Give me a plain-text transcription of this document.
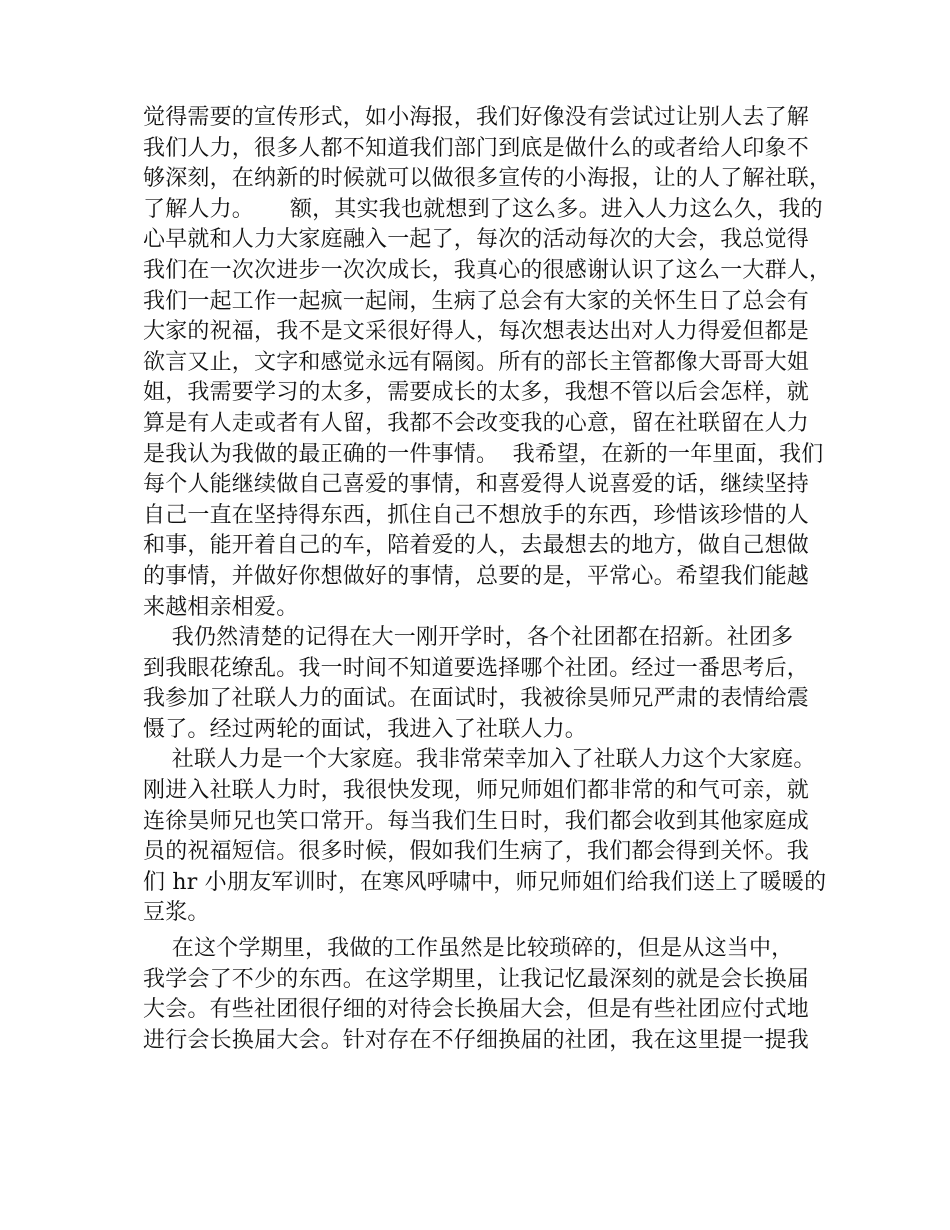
觉得需要的宣传形式，如小海报，我们好像没有尝试过让别人去了解
我们人力，很多人都不知道我们部门到底是做什么的或者给人印象不
够深刻，在纳新的时候就可以做很多宣传的小海报，让的人了解社联，
了解人力。     额，其实我也就想到了这么多。进入人力这么久，我的
心早就和人力大家庭融入一起了，每次的活动每次的大会，我总觉得
我们在一次次进步一次次成长，我真心的很感谢认识了这么一大群人，
我们一起工作一起疯一起闹，生病了总会有大家的关怀生日了总会有
大家的祝福，我不是文采很好得人，每次想表达出对人力得爱但都是
欲言又止，文字和感觉永远有隔阂。所有的部长主管都像大哥哥大姐
姐，我需要学习的太多，需要成长的太多，我想不管以后会怎样，就
算是有人走或者有人留，我都不会改变我的心意，留在社联留在人力
是我认为我做的最正确的一件事情。  我希望，在新的一年里面，我们
每个人能继续做自己喜爱的事情，和喜爱得人说喜爱的话，继续坚持
自己一直在坚持得东西，抓住自己不想放手的东西，珍惜该珍惜的人
和事，能开着自己的车，陪着爱的人，去最想去的地方，做自己想做
的事情，并做好你想做好的事情，总要的是，平常心。希望我们能越
来越相亲相爱。
我仍然清楚的记得在大一刚开学时，各个社团都在招新。社团多
到我眼花缭乱。我一时间不知道要选择哪个社团。经过一番思考后，
我参加了社联人力的面试。在面试时，我被徐昊师兄严肃的表情给震
慑了。经过两轮的面试，我进入了社联人力。
社联人力是一个大家庭。我非常荣幸加入了社联人力这个大家庭。
刚进入社联人力时，我很快发现，师兄师姐们都非常的和气可亲，就
连徐昊师兄也笑口常开。每当我们生日时，我们都会收到其他家庭成
员的祝福短信。很多时候，假如我们生病了，我们都会得到关怀。我
们 hr 小朋友军训时，在寒风呼啸中，师兄师姐们给我们送上了暖暖的
豆浆。
在这个学期里，我做的工作虽然是比较琐碎的，但是从这当中，
我学会了不少的东西。在这学期里，让我记忆最深刻的就是会长换届
大会。有些社团很仔细的对待会长换届大会，但是有些社团应付式地
进行会长换届大会。针对存在不仔细换届的社团，我在这里提一提我
